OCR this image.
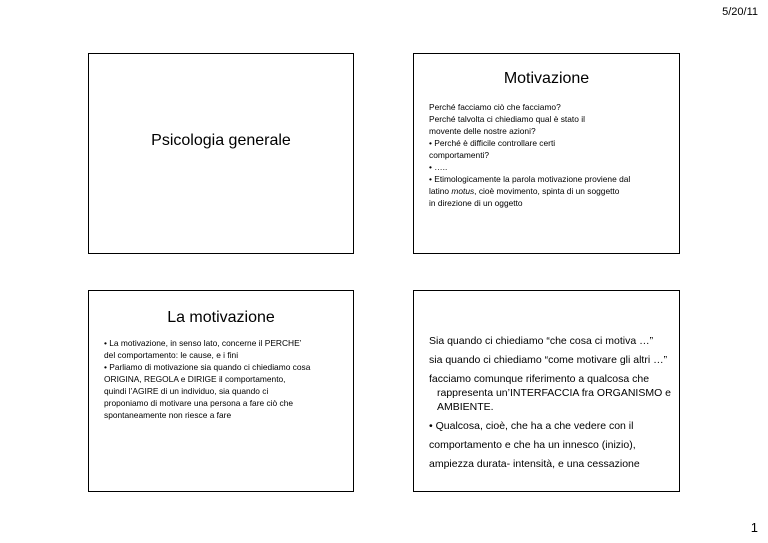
5/20/11
Psicologia generale
Motivazione

Perché facciamo ciò che facciamo?

Perché talvolta ci chiediamo qual è stato il

movente delle nostre azioni?

• Perché è difficile controllare certi

comportamenti?

• …..

• Etimologicamente la parola motivazione proviene dal

latino motus, cioè movimento, spinta di un soggetto

in direzione di un oggetto

La motivazione

• La motivazione, in senso lato, concerne il PERCHE’

del comportamento: le cause, e i fini

• Parliamo di motivazione sia quando ci chiediamo cosa

ORIGINA, REGOLA e DIRIGE il comportamento,

quindi l’AGIRE di un individuo, sia quando ci

proponiamo di motivare una persona a fare ciò che

spontaneamente non riesce a fare

Sia quando ci chiediamo “che cosa ci motiva …”

sia quando ci chiediamo “come motivare gli altri …”

facciamo comunque riferimento a qualcosa che rappresenta un’INTERFACCIA fra ORGANISMO e AMBIENTE.

• Qualcosa, cioè, che ha a che vedere con il

comportamento e che ha un innesco (inizio),

ampiezza durata- intensità, e una cessazione

1
